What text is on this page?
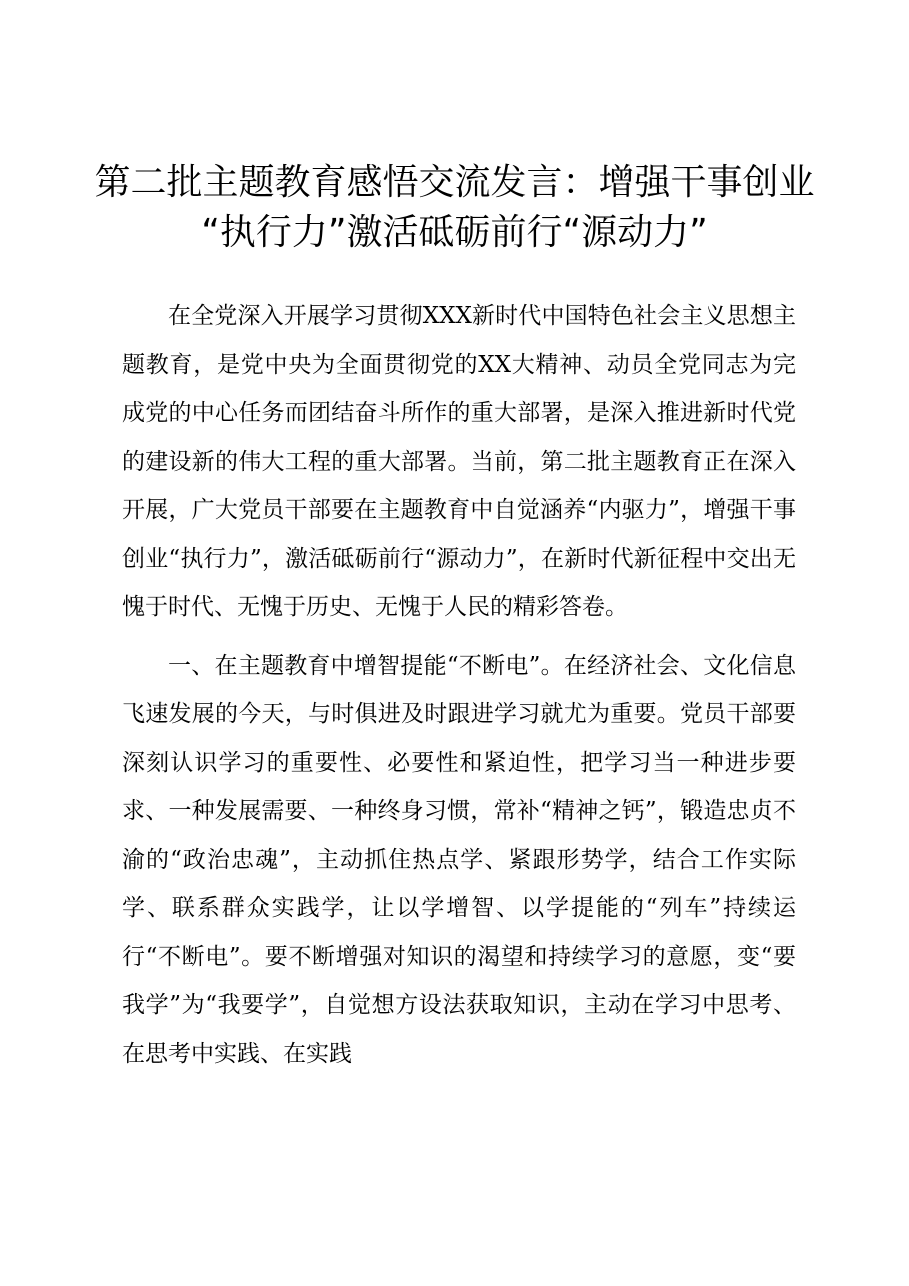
第二批主题教育感悟交流发言：增强干事创业
“执行力”激活砥砺前行“源动力”

在全党深入开展学习贯彻XXX新时代中国特色社会主义思想主题教育，是党中央为全面贯彻党的XX大精神、动员全党同志为完成党的中心任务而团结奋斗所作的重大部署，是深入推进新时代党的建设新的伟大工程的重大部署。当前，第二批主题教育正在深入开展，广大党员干部要在主题教育中自觉涵养“内驱力”，增强干事创业“执行力”，激活砥砺前行“源动力”，在新时代新征程中交出无愧于时代、无愧于历史、无愧于人民的精彩答卷。

一、在主题教育中增智提能“不断电”。在经济社会、文化信息飞速发展的今天，与时俱进及时跟进学习就尤为重要。党员干部要深刻认识学习的重要性、必要性和紧迫性，把学习当一种进步要求、一种发展需要、一种终身习惯，常补“精神之钙”，锻造忠贞不渝的“政治忠魂”，主动抓住热点学、紧跟形势学，结合工作实际学、联系群众实践学，让以学增智、以学提能的“列车”持续运行“不断电”。要不断增强对知识的渴望和持续学习的意愿，变“要我学”为“我要学”，自觉想方设法获取知识，主动在学习中思考、在思考中实践、在实践
